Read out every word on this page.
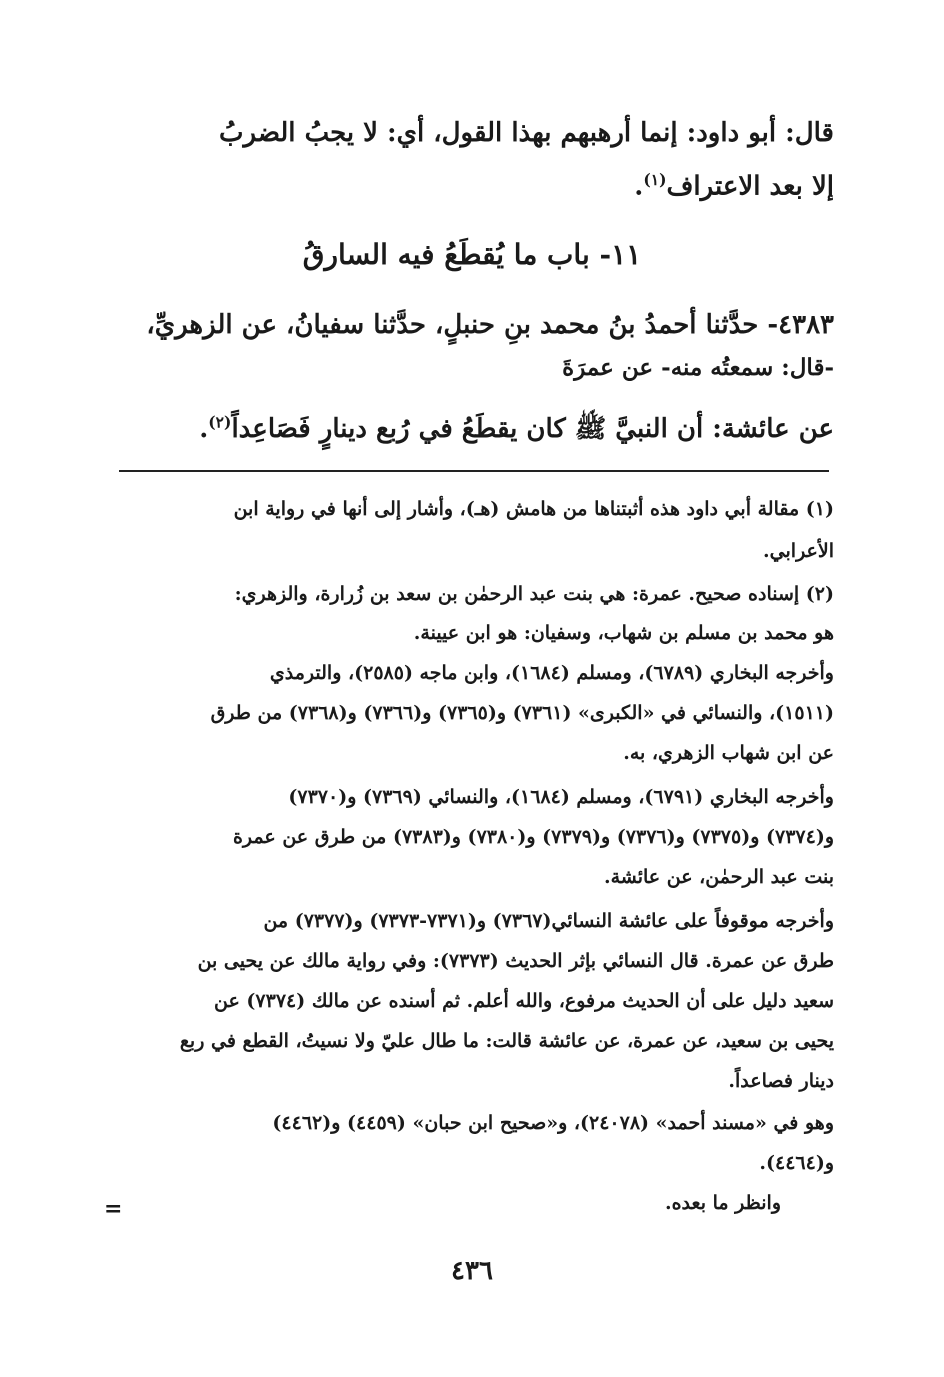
قال: أبو داود: إنما أرهبهم بهذا القول، أي: لا يجبُ الضربُ

إلا بعد الاعتراف$^{(١)}$.

١١- باب ما يُقطَعُ فيه السارقُ

٤٣٨٣- حدَّثنا أحمدُ بنُ محمد بنِ حنبلٍ، حدَّثنا سفيانُ، عن الزهريِّ،

-قال: سمعتُه منه- عن عمرَةَ

عن عائشة: أن النبيَّ ﷺ كان يقطَعُ في رُبع دينارٍ فَصَاعِداً$^{(٢)}$.

(١) مقالة أبي داود هذه أثبتناها من هامش (هـ)، وأشار إلى أنها في رواية ابن

الأعرابي.

(٢) إسناده صحيح. عمرة: هي بنت عبد الرحمٰن بن سعد بن زُرارة، والزهري:

هو محمد بن مسلم بن شهاب، وسفيان: هو ابن عيينة.

وأخرجه البخاري (٦٧٨٩)، ومسلم (١٦٨٤)، وابن ماجه (٢٥٨٥)، والترمذي

(١٥١١)، والنسائي في «الكبرى» (٧٣٦١) و(٧٣٦٥) و(٧٣٦٦) و(٧٣٦٨) من طرق

عن ابن شهاب الزهري، به.

وأخرجه البخاري (٦٧٩١)، ومسلم (١٦٨٤)، والنسائي (٧٣٦٩) و(٧٣٧٠)

و(٧٣٧٤) و(٧٣٧٥) و(٧٣٧٦) و(٧٣٧٩) و(٧٣٨٠) و(٧٣٨٣) من طرق عن عمرة

بنت عبد الرحمٰن، عن عائشة.

وأخرجه موقوفاً على عائشة النسائي(٧٣٦٧) و(٧٣٧١-٧٣٧٣) و(٧٣٧٧) من

طرق عن عمرة. قال النسائي بإثر الحديث (٧٣٧٣): وفي رواية مالك عن يحيى بن

سعيد دليل على أن الحديث مرفوع، والله أعلم. ثم أسنده عن مالك (٧٣٧٤) عن

يحيى بن سعيد، عن عمرة، عن عائشة قالت: ما طال عليّ ولا نسيتُ، القطع في ربع

دينار فصاعداً.

وهو في «مسند أحمد» (٢٤٠٧٨)، و«صحيح ابن حبان» (٤٤٥٩) و(٤٤٦٢)

و(٤٤٦٤).

وانظر ما بعده.

=
٤٣٦
